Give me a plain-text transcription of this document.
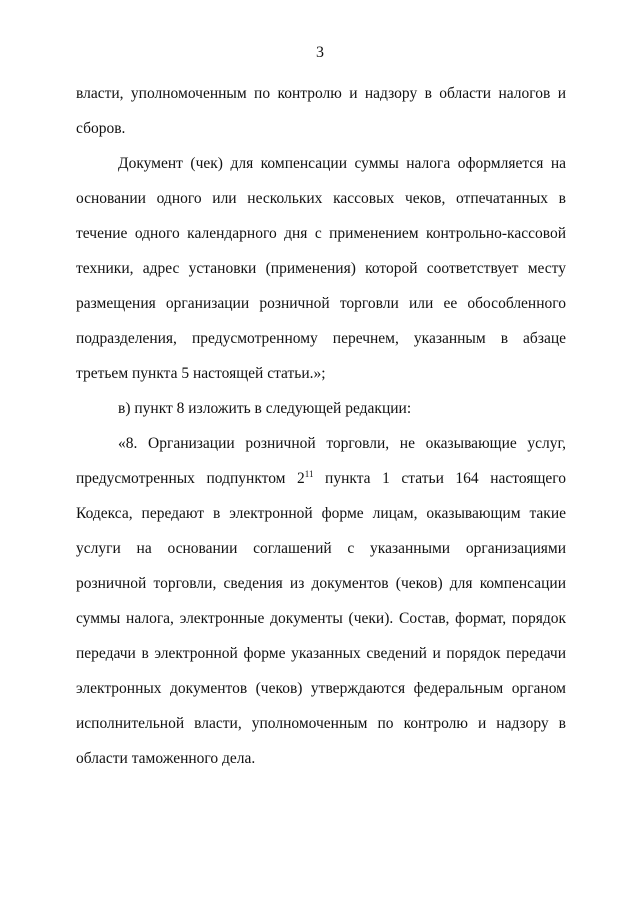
3

власти, уполномоченным по контролю и надзору в области налогов и сборов.

Документ (чек) для компенсации суммы налога оформляется на основании одного или нескольких кассовых чеков, отпечатанных в течение одного календарного дня с применением контрольно-кассовой техники, адрес установки (применения) которой соответствует месту размещения организации розничной торговли или ее обособленного подразделения, предусмотренному перечнем, указанным в абзаце третьем пункта 5 настоящей статьи.»;

в) пункт 8 изложить в следующей редакции:

«8. Организации розничной торговли, не оказывающие услуг, предусмотренных подпунктом $2^{11}$ пункта 1 статьи 164 настоящего Кодекса, передают в электронной форме лицам, оказывающим такие услуги на основании соглашений с указанными организациями розничной торговли, сведения из документов (чеков) для компенсации суммы налога, электронные документы (чеки). Состав, формат, порядок передачи в электронной форме указанных сведений и порядок передачи электронных документов (чеков) утверждаются федеральным органом исполнительной власти, уполномоченным по контролю и надзору в области таможенного дела.
